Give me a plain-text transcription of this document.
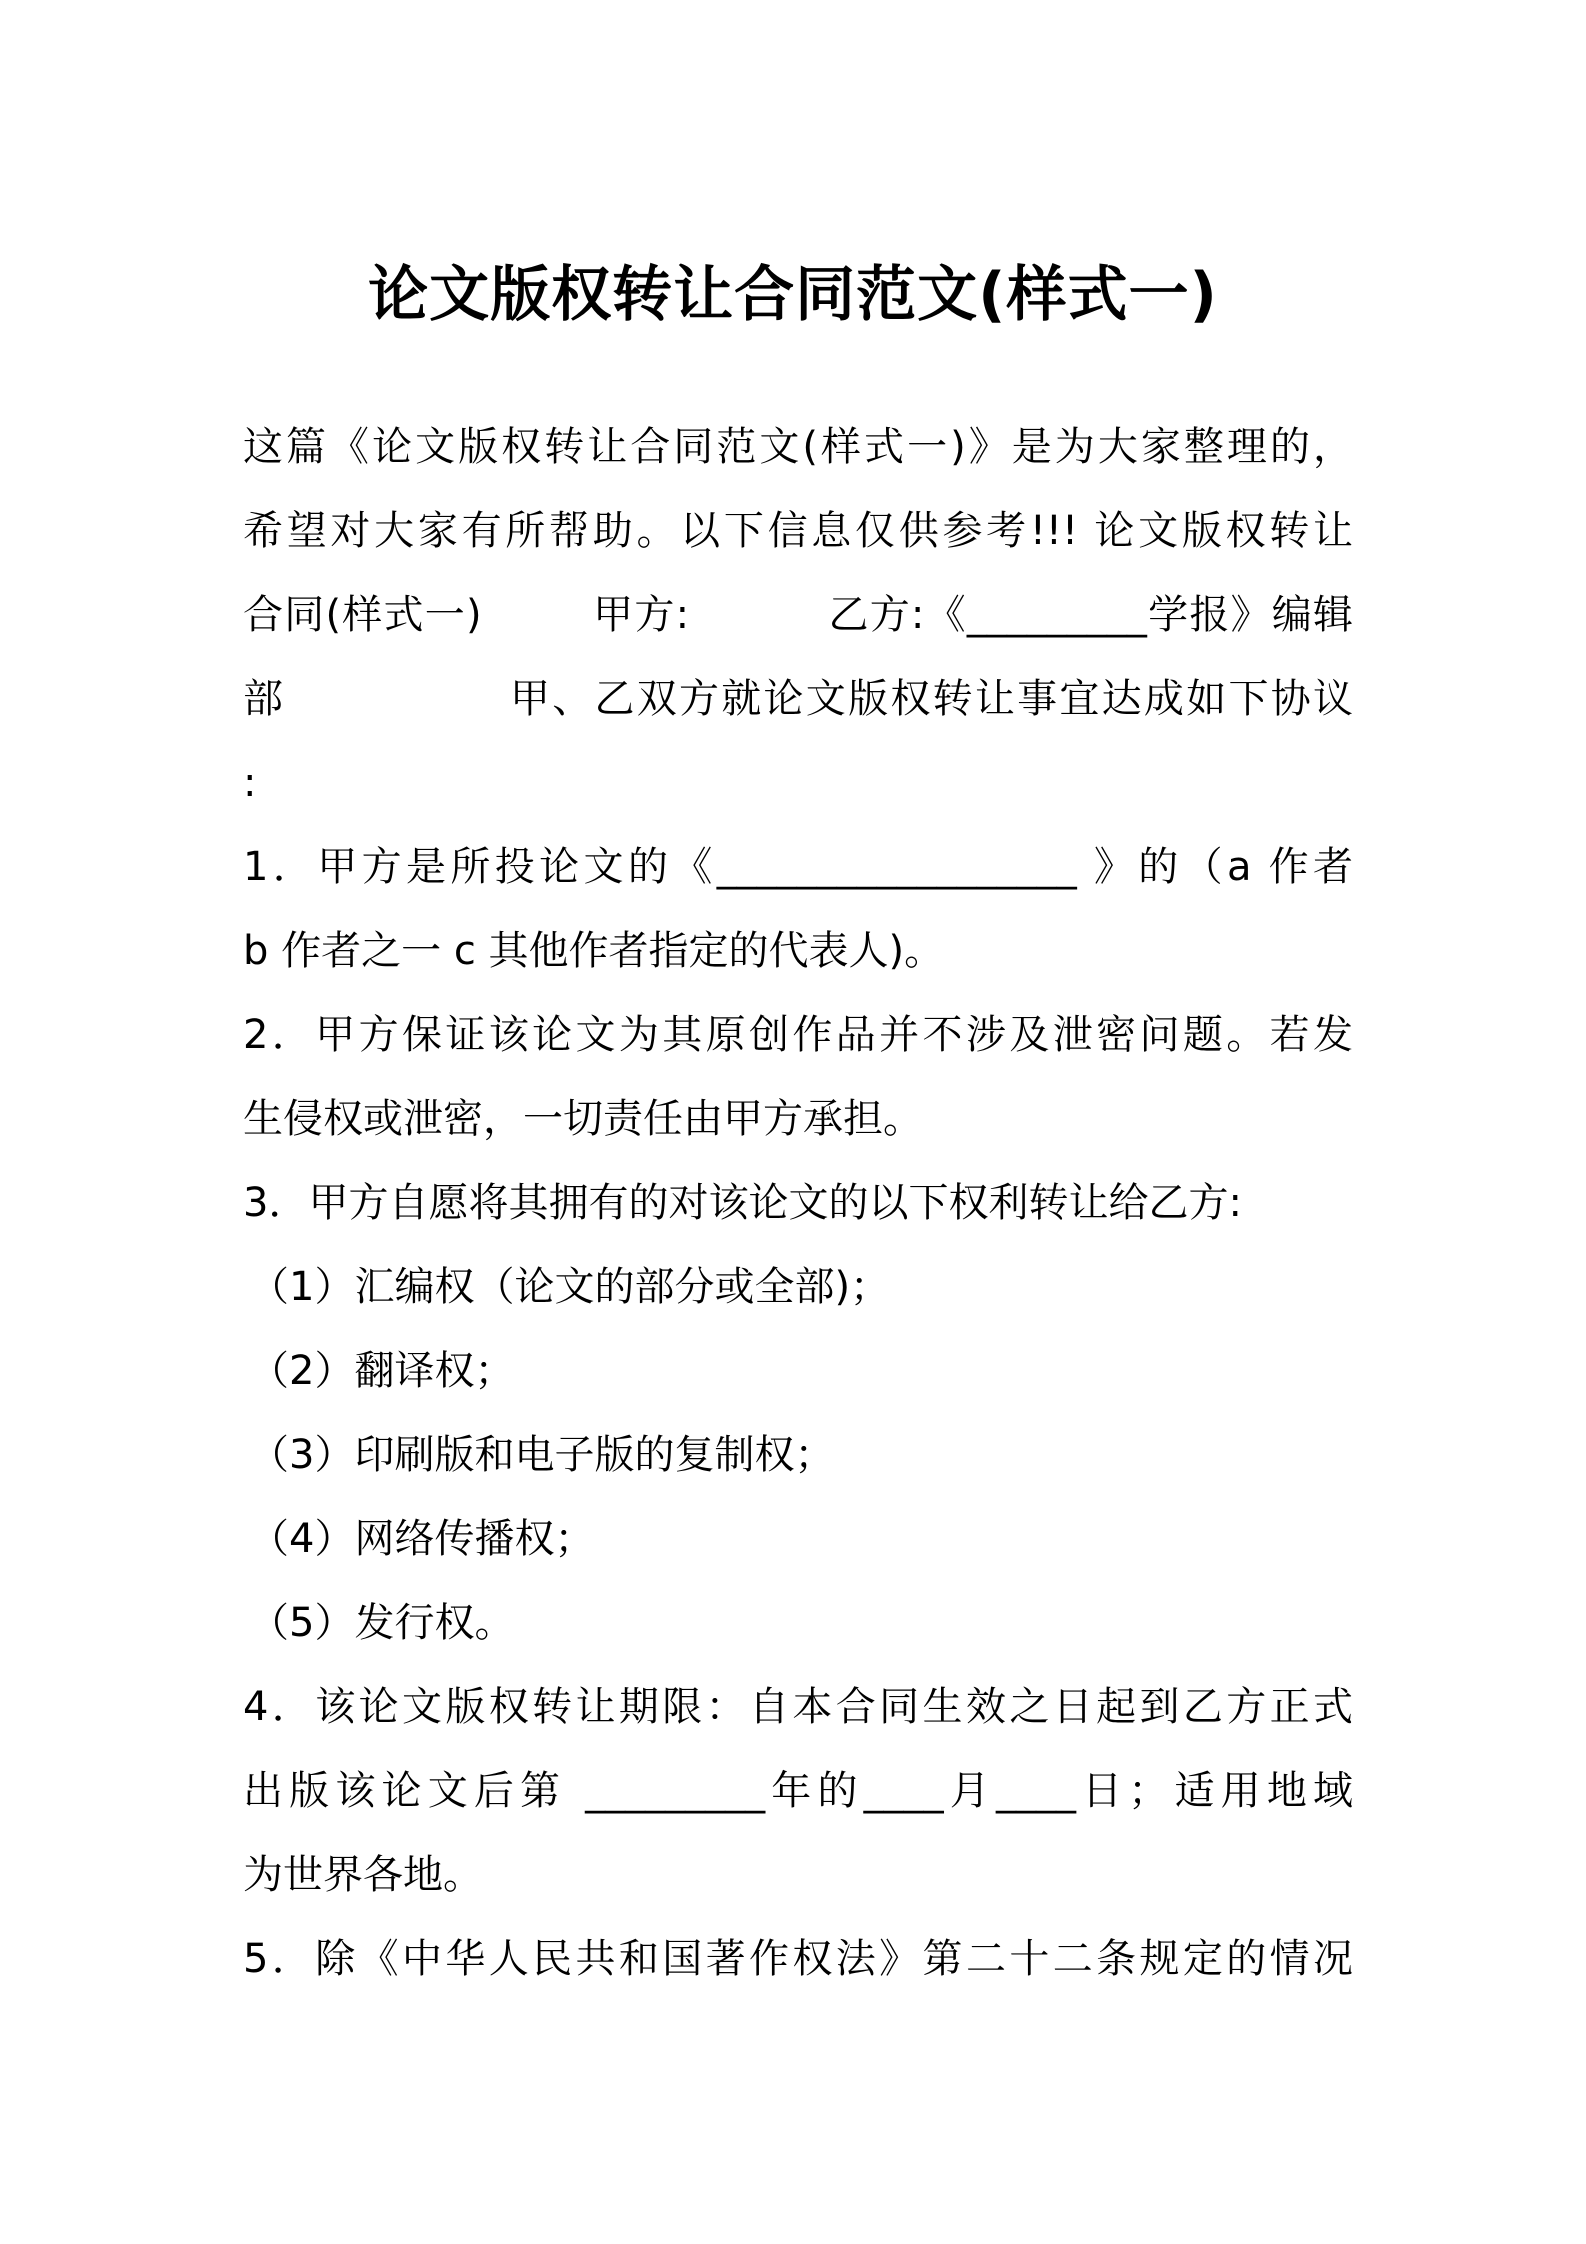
论文版权转让合同范文(样式一)
这篇《论文版权转让合同范文(样式一)》是为大家整理的，
希望对大家有所帮助。以下信息仅供参考!!! 论文版权转让
合同(样式一)        甲方:          乙方:《_________学报》编辑
部               甲、乙双方就论文版权转让事宜达成如下协议
:
1．甲方是所投论文的《__________________ 》的（a 作者
b 作者之一 c 其他作者指定的代表人)。
2．甲方保证该论文为其原创作品并不涉及泄密问题。若发
生侵权或泄密，一切责任由甲方承担。
3．甲方自愿将其拥有的对该论文的以下权利转让给乙方:
（1）汇编权（论文的部分或全部)；
（2）翻译权；
（3）印刷版和电子版的复制权；
（4）网络传播权；
（5）发行权。
4．该论文版权转让期限：自本合同生效之日起到乙方正式
出版该论文后第 _________年的____月____日；适用地域
为世界各地。
5．除《中华人民共和国著作权法》第二十二条规定的情况
